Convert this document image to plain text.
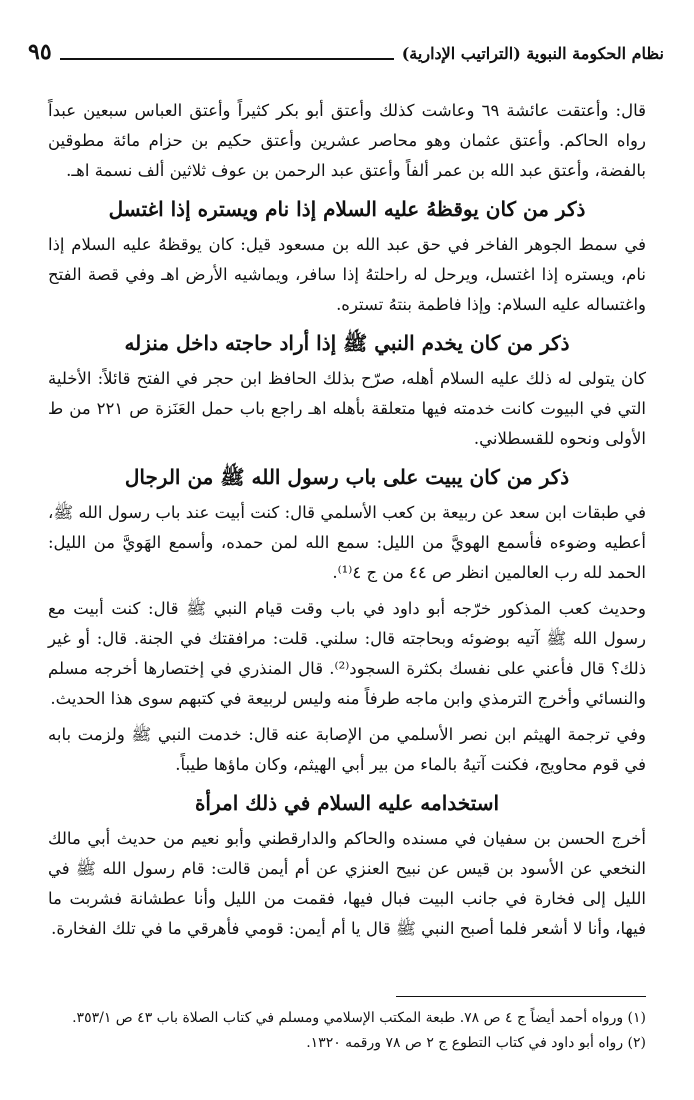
نظام الحكومة النبوية (التراتيب الإدارية)
٩٥

قال: وأعتقت عائشة ٦٩ وعاشت كذلك وأعتق أبو بكر كثيراً وأعتق العباس سبعين عبداً رواه الحاكم. وأعتق عثمان وهو محاصر عشرين وأعتق حكيم بن حزام مائة مطوقين بالفضة، وأعتق عبد الله بن عمر ألفاً وأعتق عبد الرحمن بن عوف ثلاثين ألف نسمة اهـ.

ذكر من كان يوقظهُ عليه السلام إذا نام ويستره إذا اغتسل

في سمط الجوهر الفاخر في حق عبد الله بن مسعود قيل: كان يوقظهُ عليه السلام إذا نام، ويستره إذا اغتسل، ويرحل له راحلتهُ إذا سافر، ويماشيه الأرض اهـ وفي قصة الفتح واغتساله عليه السلام: وإذا فاطمة بنتهُ تستره.

ذكر من كان يخدم النبي ﷺ إذا أراد حاجته داخل منزله

كان يتولى له ذلك عليه السلام أهله، صرّح بذلك الحافظ ابن حجر في الفتح قائلاً: الأخلية التي في البيوت كانت خدمته فيها متعلقة بأهله اهـ راجع باب حمل العَنَزة ص ٢٢١ من ط الأولى ونحوه للقسطلاني.

ذكر من كان يبيت على باب رسول الله ﷺ من الرجال

في طبقات ابن سعد عن ربيعة بن كعب الأسلمي قال: كنت أبيت عند باب رسول الله ﷺ، أعطيه وضوءه فأسمع الهويَّ من الليل: سمع الله لمن حمده، وأسمع الهَويَّ من الليل: الحمد لله رب العالمين انظر ص ٤٤ من ج ٤⁽¹⁾.

وحديث كعب المذكور خرّجه أبو داود في باب وقت قيام النبي ﷺ قال: كنت أبيت مع رسول الله ﷺ آتيه بوضوئه وبحاجته قال: سلني. قلت: مرافقتك في الجنة. قال: أو غير ذلك؟ قال فأعني على نفسك بكثرة السجود⁽²⁾. قال المنذري في إختصارها أخرجه مسلم والنسائي وأخرج الترمذي وابن ماجه طرفاً منه وليس لربيعة في كتبهم سوى هذا الحديث.

وفي ترجمة الهيثم ابن نصر الأسلمي من الإصابة عنه قال: خدمت النبي ﷺ ولزمت بابه في قوم محاويج، فكنت آتيهُ بالماء من بير أبي الهيثم، وكان ماؤها طيباً.

استخدامه عليه السلام في ذلك امرأة

أخرج الحسن بن سفيان في مسنده والحاكم والدارقطني وأبو نعيم من حديث أبي مالك النخعي عن الأسود بن قيس عن نبيح العنزي عن أم أيمن قالت: قام رسول الله ﷺ في الليل إلى فخارة في جانب البيت فبال فيها، فقمت من الليل وأنا عطشانة فشربت ما فيها، وأنا لا أشعر فلما أصبح النبي ﷺ قال يا أم أيمن: قومي فأهرقي ما في تلك الفخارة.

(١) ورواه أحمد أيضاً ج ٤ ص ٧٨. طبعة المكتب الإسلامي ومسلم في كتاب الصلاة باب ٤٣ ص ٣٥٣/١.

(٢) رواه أبو داود في كتاب التطوع ج ٢ ص ٧٨ ورقمه ١٣٢٠.
